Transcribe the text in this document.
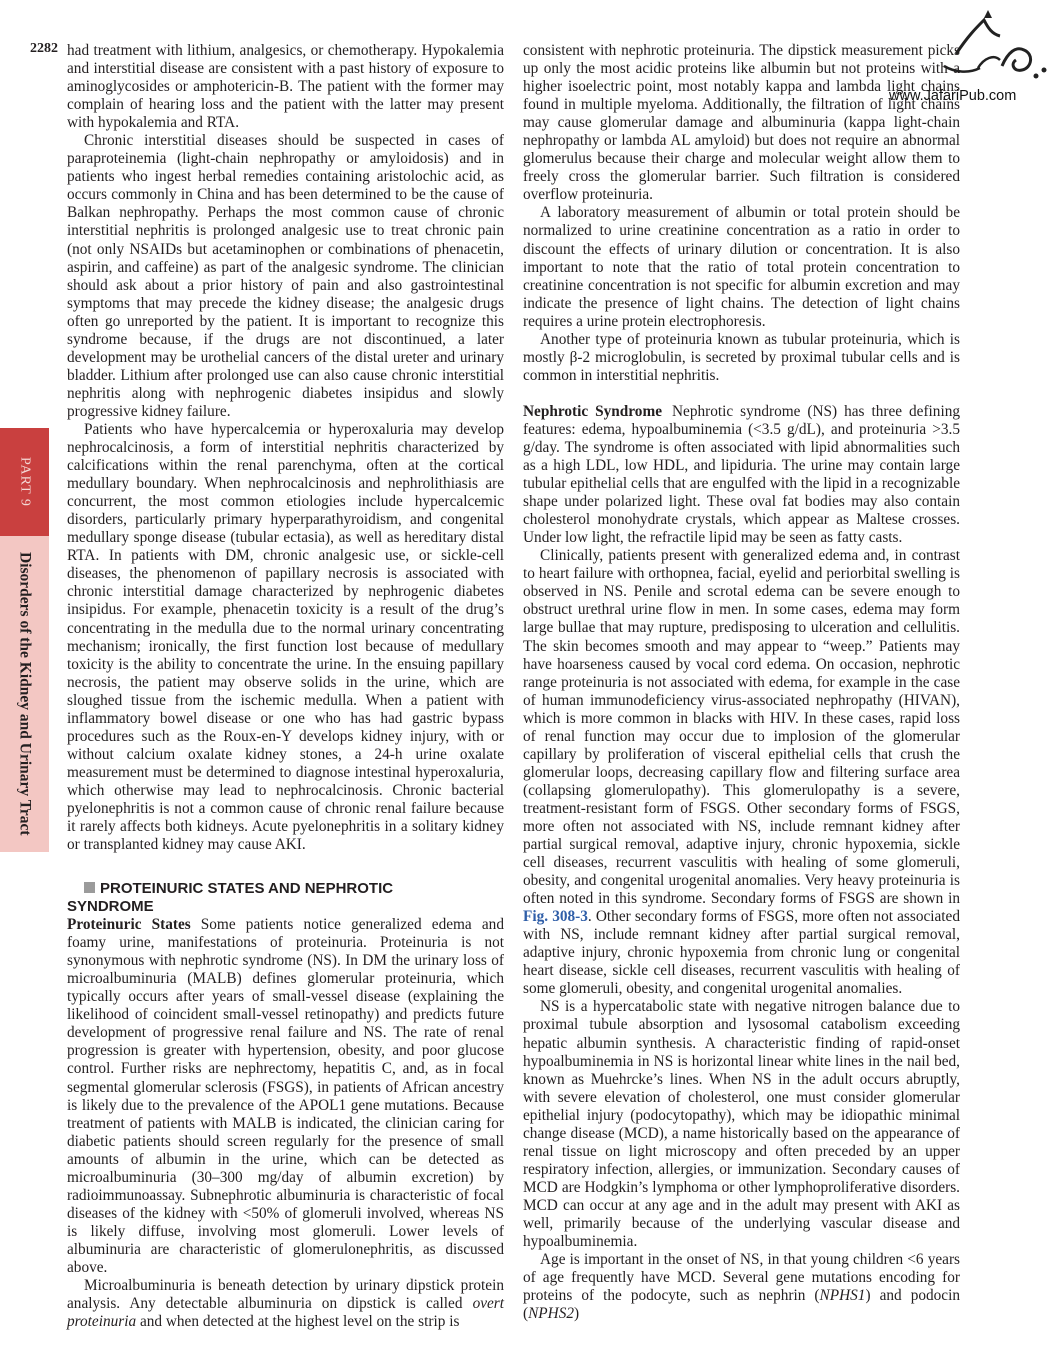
2282
PART 9
Disorders of the Kidney and Urinary Tract
www.JafariPub.com

had treatment with lithium, analgesics, or chemotherapy. Hypokalemia and interstitial disease are consistent with a past history of exposure to aminoglycosides or amphotericin-B. The patient with the former may complain of hearing loss and the patient with the latter may present with hypokalemia and RTA.

Chronic interstitial diseases should be suspected in cases of paraproteinemia (light-chain nephropathy or amyloidosis) and in patients who ingest herbal remedies containing aristolochic acid, as occurs commonly in China and has been determined to be the cause of Balkan nephropathy. Perhaps the most common cause of chronic interstitial nephritis is prolonged analgesic use to treat chronic pain (not only NSAIDs but acetaminophen or combinations of phenacetin, aspirin, and caffeine) as part of the analgesic syndrome. The clinician should ask about a prior history of pain and also gastrointestinal symptoms that may precede the kidney disease; the analgesic drugs often go unreported by the patient. It is important to recognize this syndrome because, if the drugs are not discontinued, a later development may be urothelial cancers of the distal ureter and urinary bladder. Lithium after prolonged use can also cause chronic interstitial nephritis along with nephrogenic diabetes insipidus and slowly progressive kidney failure.

Patients who have hypercalcemia or hyperoxaluria may develop nephrocalcinosis, a form of interstitial nephritis characterized by calcifications within the renal parenchyma, often at the cortical medullary boundary. When nephrocalcinosis and nephrolithiasis are concurrent, the most common etiologies include hypercalcemic disorders, particularly primary hyperparathyroidism, and congenital medullary sponge disease (tubular ectasia), as well as hereditary distal RTA. In patients with DM, chronic analgesic use, or sickle-cell diseases, the phenomenon of papillary necrosis is associated with chronic interstitial damage characterized by nephrogenic diabetes insipidus. For example, phenacetin toxicity is a result of the drug’s concentrating in the medulla due to the normal urinary concentrating mechanism; ironically, the first function lost because of medullary toxicity is the ability to concentrate the urine. In the ensuing papillary necrosis, the patient may observe solids in the urine, which are sloughed tissue from the ischemic medulla. When a patient with inflammatory bowel disease or one who has had gastric bypass procedures such as the Roux-en-Y develops kidney injury, with or without calcium oxalate kidney stones, a 24-h urine oxalate measurement must be determined to diagnose intestinal hyperoxaluria, which otherwise may lead to nephrocalcinosis. Chronic bacterial pyelonephritis is not a common cause of chronic renal failure because it rarely affects both kidneys. Acute pyelonephritis in a solitary kidney or transplanted kidney may cause AKI.

PROTEINURIC STATES AND NEPHROTIC
SYNDROME

Proteinuric States Some patients notice generalized edema and foamy urine, manifestations of proteinuria. Proteinuria is not synonymous with nephrotic syndrome (NS). In DM the urinary loss of microalbuminuria (MALB) defines glomerular proteinuria, which typically occurs after years of small-vessel disease (explaining the likelihood of coincident small-vessel retinopathy) and predicts future development of progressive renal failure and NS. The rate of renal progression is greater with hypertension, obesity, and poor glucose control. Further risks are nephrectomy, hepatitis C, and, as in focal segmental glomerular sclerosis (FSGS), in patients of African ancestry is likely due to the prevalence of the APOL1 gene mutations. Because treatment of patients with MALB is indicated, the clinician caring for diabetic patients should screen regularly for the presence of small amounts of albumin in the urine, which can be detected as microalbuminuria (30–300 mg/day of albumin excretion) by radioimmunoassay. Subnephrotic albuminuria is characteristic of focal diseases of the kidney with <50% of glomeruli involved, whereas NS is likely diffuse, involving most glomeruli. Lower levels of albuminuria are characteristic of glomerulonephritis, as discussed above.

Microalbuminuria is beneath detection by urinary dipstick protein analysis. Any detectable albuminuria on dipstick is called overt proteinuria and when detected at the highest level on the strip is

consistent with nephrotic proteinuria. The dipstick measurement picks up only the most acidic proteins like albumin but not proteins with a higher isoelectric point, most notably kappa and lambda light chains found in multiple myeloma. Additionally, the filtration of light chains may cause glomerular damage and albuminuria (kappa light-chain nephropathy or lambda AL amyloid) but does not require an abnormal glomerulus because their charge and molecular weight allow them to freely cross the glomerular barrier. Such filtration is considered overflow proteinuria.

A laboratory measurement of albumin or total protein should be normalized to urine creatinine concentration as a ratio in order to discount the effects of urinary dilution or concentration. It is also important to note that the ratio of total protein concentration to creatinine concentration is not specific for albumin excretion and may indicate the presence of light chains. The detection of light chains requires a urine protein electrophoresis.

Another type of proteinuria known as tubular proteinuria, which is mostly β-2 microglobulin, is secreted by proximal tubular cells and is common in interstitial nephritis.

Nephrotic Syndrome Nephrotic syndrome (NS) has three defining features: edema, hypoalbuminemia (<3.5 g/dL), and proteinuria >3.5 g/day. The syndrome is often associated with lipid abnormalities such as a high LDL, low HDL, and lipiduria. The urine may contain large tubular epithelial cells that are engulfed with the lipid in a recognizable shape under polarized light. These oval fat bodies may also contain cholesterol monohydrate crystals, which appear as Maltese crosses. Under low light, the refractile lipid may be seen as fatty casts.

Clinically, patients present with generalized edema and, in contrast to heart failure with orthopnea, facial, eyelid and periorbital swelling is observed in NS. Penile and scrotal edema can be severe enough to obstruct urethral urine flow in men. In some cases, edema may form large bullae that may rupture, predisposing to ulceration and cellulitis. The skin becomes smooth and may appear to “weep.” Patients may have hoarseness caused by vocal cord edema. On occasion, nephrotic range proteinuria is not associated with edema, for example in the case of human immunodeficiency virus-associated nephropathy (HIVAN), which is more common in blacks with HIV. In these cases, rapid loss of renal function may occur due to implosion of the glomerular capillary by proliferation of visceral epithelial cells that crush the glomerular loops, decreasing capillary flow and filtering surface area (collapsing glomerulopathy). This glomerulopathy is a severe, treatment-resistant form of FSGS. Other secondary forms of FSGS, more often not associated with NS, include remnant kidney after partial surgical removal, adaptive injury, chronic hypoxemia, sickle cell diseases, recurrent vasculitis with healing of some glomeruli, obesity, and congenital urogenital anomalies. Very heavy proteinuria is often noted in this syndrome. Secondary forms of FSGS are shown in Fig. 308-3. Other secondary forms of FSGS, more often not associated with NS, include remnant kidney after partial surgical removal, adaptive injury, chronic hypoxemia from chronic lung or congenital heart disease, sickle cell diseases, recurrent vasculitis with healing of some glomeruli, obesity, and congenital urogenital anomalies.

NS is a hypercatabolic state with negative nitrogen balance due to proximal tubule absorption and lysosomal catabolism exceeding hepatic albumin synthesis. A characteristic finding of rapid-onset hypoalbuminemia in NS is horizontal linear white lines in the nail bed, known as Muehrcke’s lines. When NS in the adult occurs abruptly, with severe elevation of cholesterol, one must consider glomerular epithelial injury (podocytopathy), which may be idiopathic minimal change disease (MCD), a name historically based on the appearance of renal tissue on light microscopy and often preceded by an upper respiratory infection, allergies, or immunization. Secondary causes of MCD are Hodgkin’s lymphoma or other lymphoproliferative disorders. MCD can occur at any age and in the adult may present with AKI as well, primarily because of the underlying vascular disease and hypoalbuminemia.

Age is important in the onset of NS, in that young children <6 years of age frequently have MCD. Several gene mutations encoding for proteins of the podocyte, such as nephrin (NPHS1) and podocin (NPHS2)
